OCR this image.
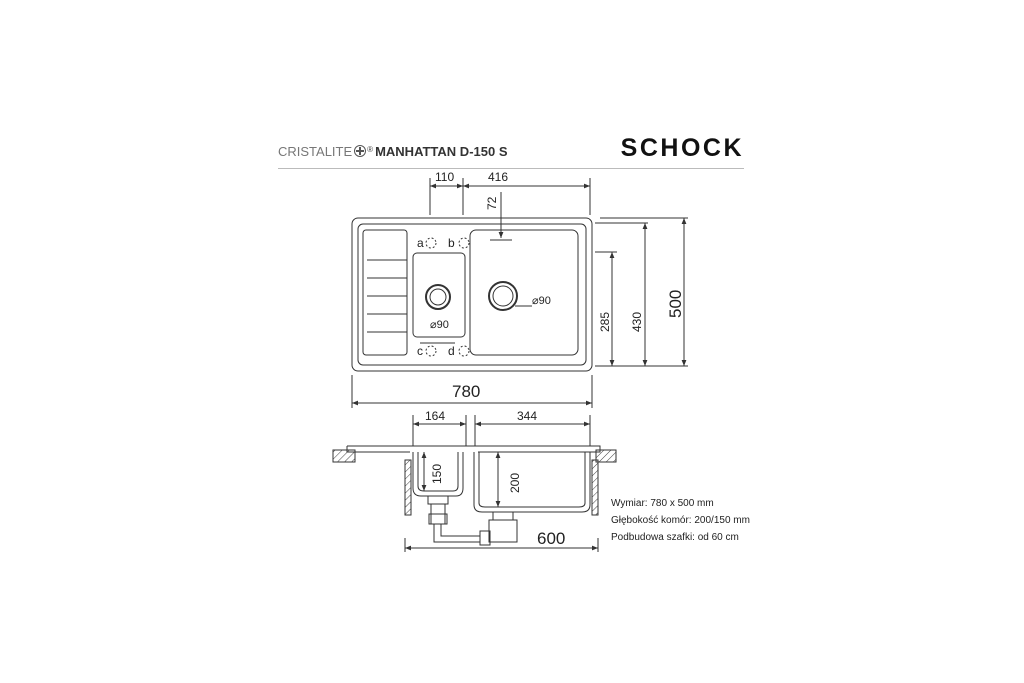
CRISTALITE ® MANHATTAN D-150 S	SCHOCK
110	416
72
285 430
500
780
⌀90
⌀90
a b
c d
164	344
150	200
600
Wymiar: 780 x 500 mm
Głębokość komór: 200/150 mm
Podbudowa szafki: od 60 cm
